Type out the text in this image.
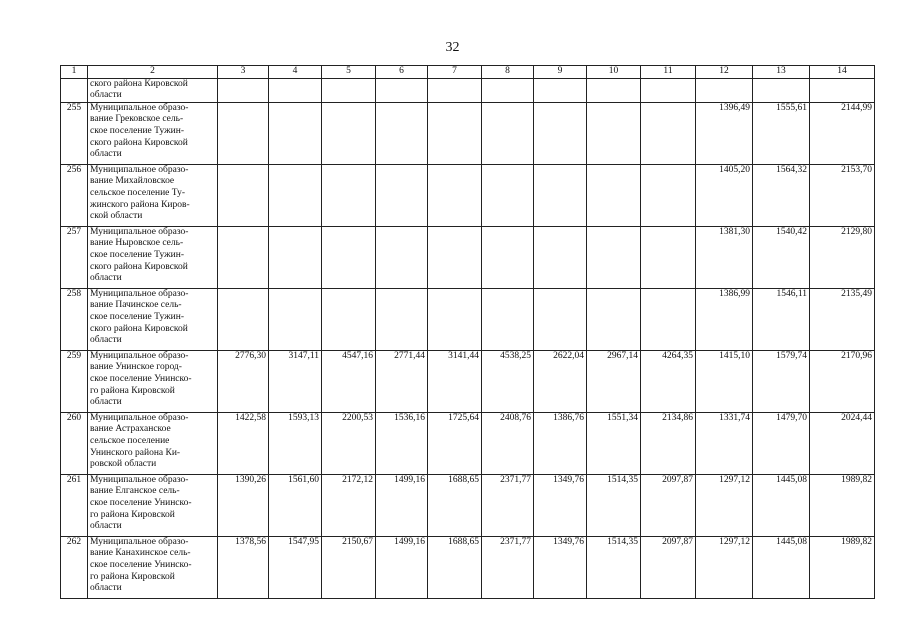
32
1	2	3	4	5	6	7	8	9	10	11	12	13	14

	ского района Кировской
области												

255	Муниципальное образо-
вание Грековское сель-
ское поселение Тужин-
ского района Кировской
области										1396,49	1555,61	2144,99
256	Муниципальное образо-
вание Михайловское
сельское поселение Ту-
жинского района Киров-
ской области										1405,20	1564,32	2153,70
257	Муниципальное образо-
вание Ныровское сель-
ское поселение Тужин-
ского района Кировской
области										1381,30	1540,42	2129,80
258	Муниципальное образо-
вание Пачинское сель-
ское поселение Тужин-
ского района Кировской
области										1386,99	1546,11	2135,49
259	Муниципальное образо-
вание Унинское город-
ское поселение Унинско-
го района Кировской
области	2776,30	3147,11	4547,16	2771,44	3141,44	4538,25	2622,04	2967,14	4264,35	1415,10	1579,74	2170,96
260	Муниципальное образо-
вание Астраханское
сельское поселение
Унинского района Ки-
ровской области	1422,58	1593,13	2200,53	1536,16	1725,64	2408,76	1386,76	1551,34	2134,86	1331,74	1479,70	2024,44
261	Муниципальное образо-
вание Елганское сель-
ское поселение Унинско-
го района Кировской
области	1390,26	1561,60	2172,12	1499,16	1688,65	2371,77	1349,76	1514,35	2097,87	1297,12	1445,08	1989,82
262	Муниципальное образо-
вание Канахинское сель-
ское поселение Унинско-
го района Кировской
области	1378,56	1547,95	2150,67	1499,16	1688,65	2371,77	1349,76	1514,35	2097,87	1297,12	1445,08	1989,82
